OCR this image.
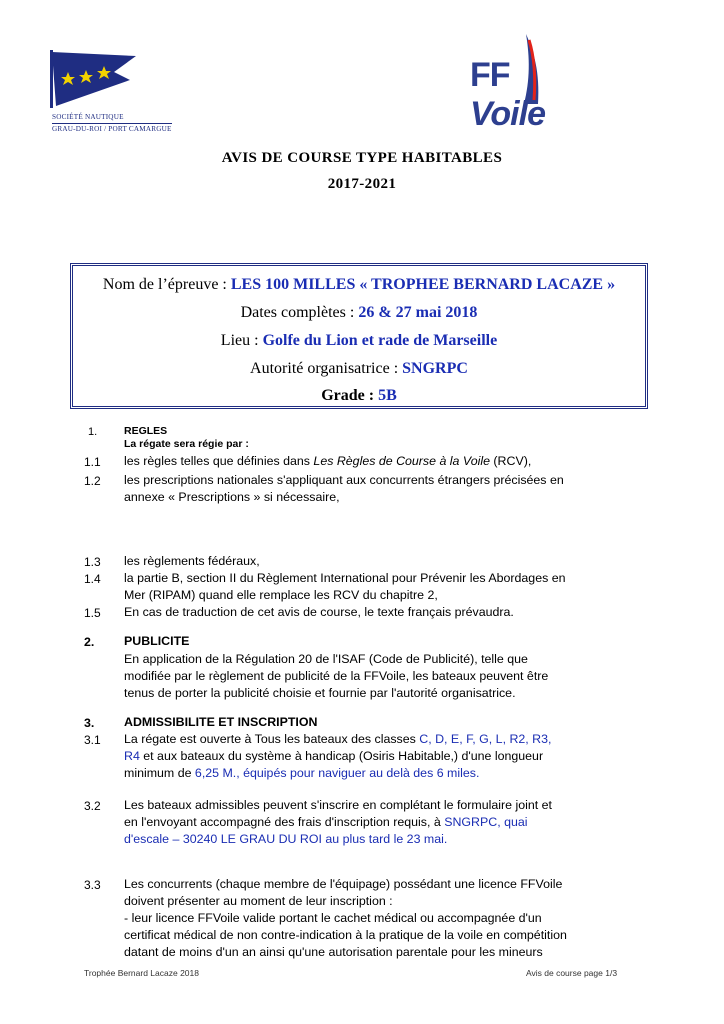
SOCIÉTÉ NAUTIQUE
GRAU-DU-ROI / PORT CAMARGUE
FFVoile
AVIS DE COURSE TYPE HABITABLES
2017-2021
Nom de l’épreuve : LES 100 MILLES « TROPHEE BERNARD LACAZE »
Dates complètes : 26 & 27 mai 2018
Lieu : Golfe du Lion et rade de Marseille
Autorité organisatrice : SNGRPC
Grade : 5B
1.	REGLES
La régate sera régie par :
1.1 les règles telles que définies dans Les Règles de Course à la Voile (RCV),
1.2 les prescriptions nationales s'appliquant aux concurrents étrangers précisées en
annexe « Prescriptions » si nécessaire,
1.3 les règlements fédéraux,
1.4 la partie B, section II du Règlement International pour Prévenir les Abordages en
Mer (RIPAM) quand elle remplace les RCV du chapitre 2,
1.5 En cas de traduction de cet avis de course, le texte français prévaudra.
2. PUBLICITE
En application de la Régulation 20 de l'ISAF (Code de Publicité), telle que
modifiée par le règlement de publicité de la FFVoile, les bateaux peuvent être
tenus de porter la publicité choisie et fournie par l'autorité organisatrice.
3. ADMISSIBILITE ET INSCRIPTION
3.1 La régate est ouverte à Tous les bateaux des classes C, D, E, F, G, L, R2, R3,
R4 et aux bateaux du système à handicap (Osiris Habitable,) d'une longueur
minimum de 6,25 M., équipés pour naviguer au delà des 6 miles.
3.2 Les bateaux admissibles peuvent s'inscrire en complétant le formulaire joint et
en l'envoyant accompagné des frais d'inscription requis, à SNGRPC, quai
d'escale – 30240 LE GRAU DU ROI au plus tard le 23 mai.
3.3 Les concurrents (chaque membre de l'équipage) possédant une licence FFVoile
doivent présenter au moment de leur inscription :
- leur licence FFVoile valide portant le cachet médical ou accompagnée d'un
certificat médical de non contre-indication à la pratique de la voile en compétition
datant de moins d'un an ainsi qu'une autorisation parentale pour les mineurs
Trophée Bernard Lacaze 2018	Avis de course page 1/3
